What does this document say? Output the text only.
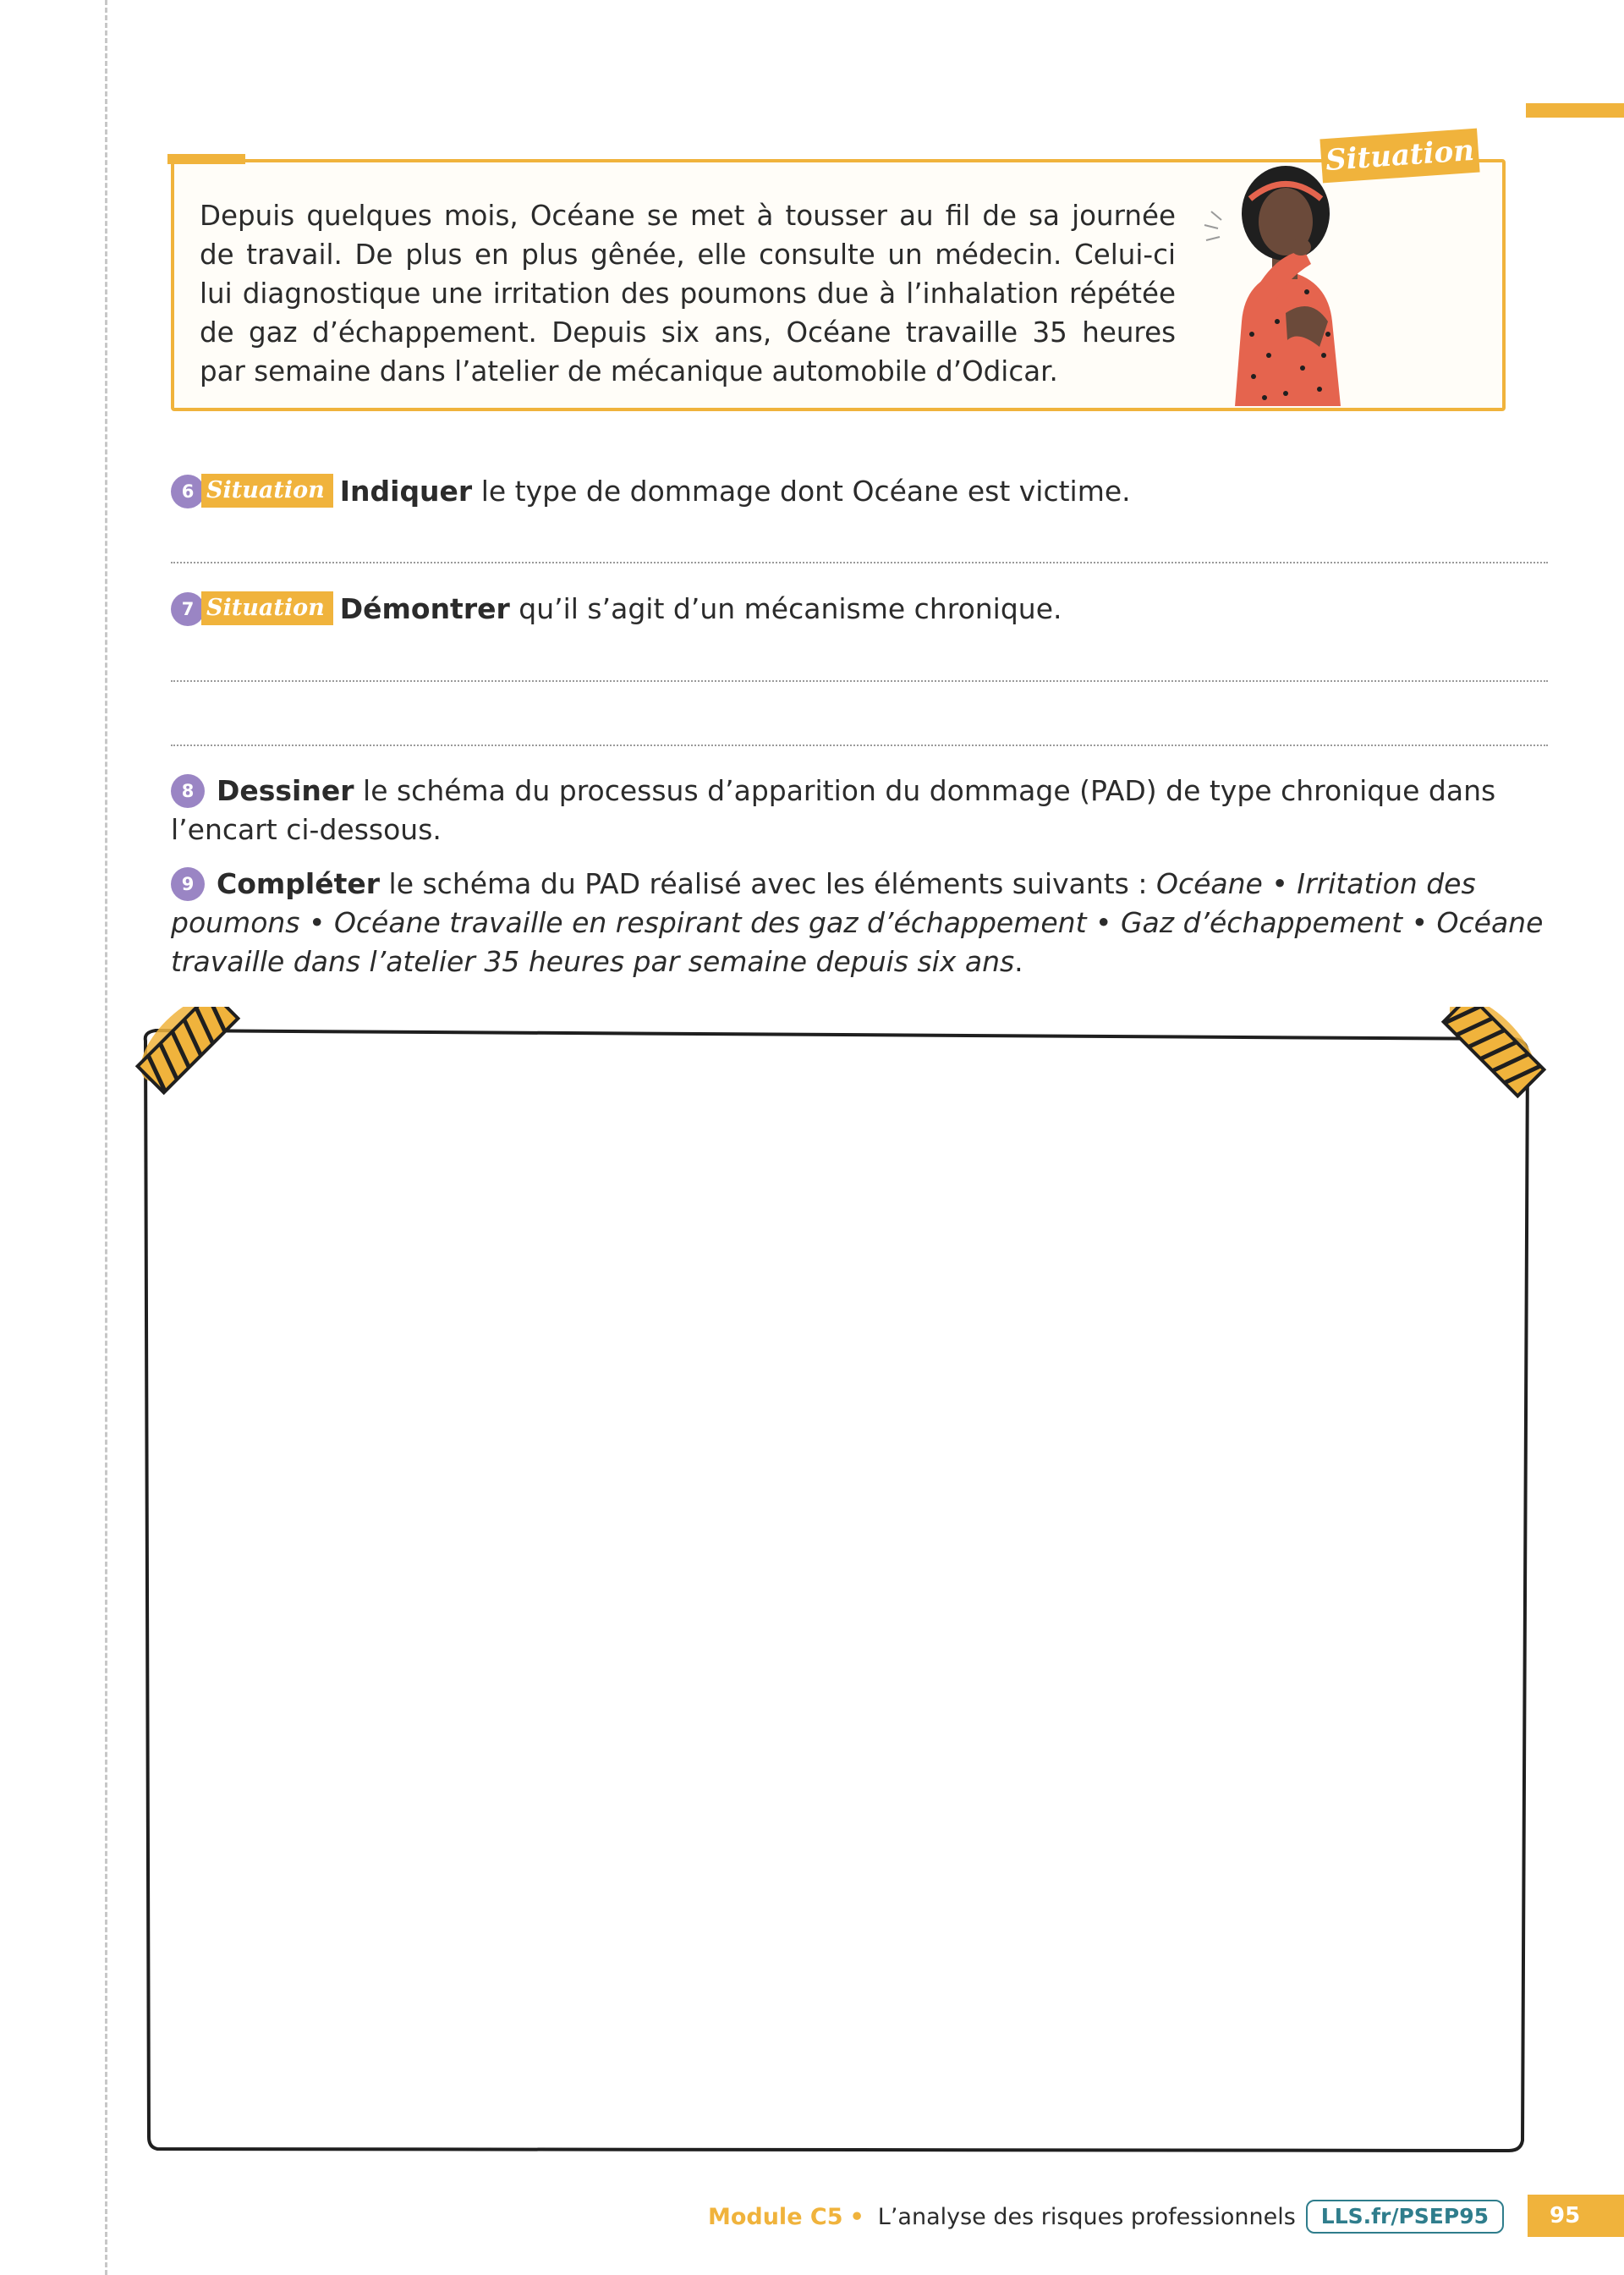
Depuis quelques mois, Océane se met à tousser au fil de sa journée de travail. De plus en plus gênée, elle consulte un médecin. Celui-ci lui diagnostique une irritation des poumons due à l’inhalation répétée de gaz d’échappement. Depuis six ans, Océane travaille 35 heures par semaine dans l’atelier de mécanique automobile d’Odicar.
Situation
6 Situation Indiquer le type de dommage dont Océane est victime.
7 Situation Démontrer qu’il s’agit d’un mécanisme chronique.
8 Dessiner le schéma du processus d’apparition du dommage (PAD) de type chronique dans l’encart ci-dessous.
9 Compléter le schéma du PAD réalisé avec les éléments suivants : Océane • Irritation des poumons • Océane travaille en respirant des gaz d’échappement • Gaz d’échappement • Océane travaille dans l’atelier 35 heures par semaine depuis six ans.
Module C5 • L’analyse des risques professionnels	LLS.fr/PSEP95	95
